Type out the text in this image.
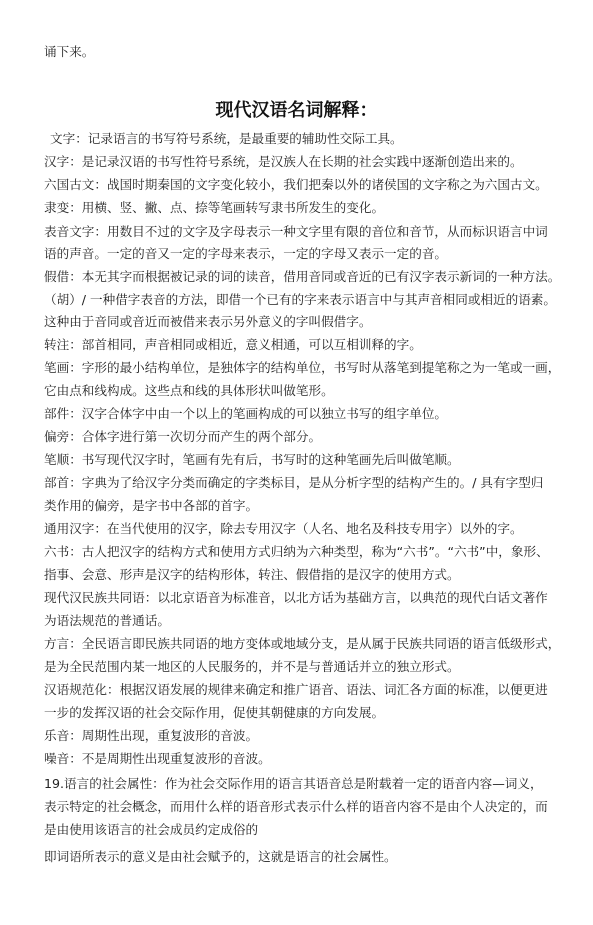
诵下来。
现代汉语名词解释：
文字：记录语言的书写符号系统，是最重要的辅助性交际工具。
汉字：是记录汉语的书写性符号系统，是汉族人在长期的社会实践中逐渐创造出来的。
六国古文：战国时期秦国的文字变化较小，我们把秦以外的诸侯国的文字称之为六国古文。
隶变：用横、竖、撇、点、捺等笔画转写隶书所发生的变化。
表音文字：用数目不过的文字及字母表示一种文字里有限的音位和音节，从而标识语言中词
语的声音。一定的音又一定的字母来表示，一定的字母又表示一定的音。
假借：本无其字而根据被记录的词的读音，借用音同或音近的已有汉字表示新词的一种方法。
（胡）/ 一种借字表音的方法，即借一个已有的字来表示语言中与其声音相同或相近的语素。
这种由于音同或音近而被借来表示另外意义的字叫假借字。
转注：部首相同，声音相同或相近，意义相通，可以互相训释的字。
笔画：字形的最小结构单位，是独体字的结构单位，书写时从落笔到提笔称之为一笔或一画，
它由点和线构成。这些点和线的具体形状叫做笔形。
部件：汉字合体字中由一个以上的笔画构成的可以独立书写的组字单位。
偏旁：合体字进行第一次切分而产生的两个部分。
笔顺：书写现代汉字时，笔画有先有后，书写时的这种笔画先后叫做笔顺。
部首：字典为了给汉字分类而确定的字类标目，是从分析字型的结构产生的。/ 具有字型归
类作用的偏旁，是字书中各部的首字。
通用汉字：在当代使用的汉字，除去专用汉字（人名、地名及科技专用字）以外的字。
六书：古人把汉字的结构方式和使用方式归纳为六种类型，称为“六书”。“六书”中，象形、
指事、会意、形声是汉字的结构形体，转注、假借指的是汉字的使用方式。
现代汉民族共同语：以北京语音为标准音，以北方话为基础方言，以典范的现代白话文著作
为语法规范的普通话。
方言：全民语言即民族共同语的地方变体或地域分支，是从属于民族共同语的语言低级形式，
是为全民范围内某一地区的人民服务的，并不是与普通话并立的独立形式。
汉语规范化：根据汉语发展的规律来确定和推广语音、语法、词汇各方面的标准，以便更进
一步的发挥汉语的社会交际作用，促使其朝健康的方向发展。
乐音：周期性出现，重复波形的音波。
噪音：不是周期性出现重复波形的音波。
19.语言的社会属性：作为社会交际作用的语言其语音总是附载着一定的语音内容—词义，
表示特定的社会概念，而用什么样的语音形式表示什么样的语音内容不是由个人决定的，而
是由使用该语言的社会成员约定成俗的
即词语所表示的意义是由社会赋予的，这就是语言的社会属性。
